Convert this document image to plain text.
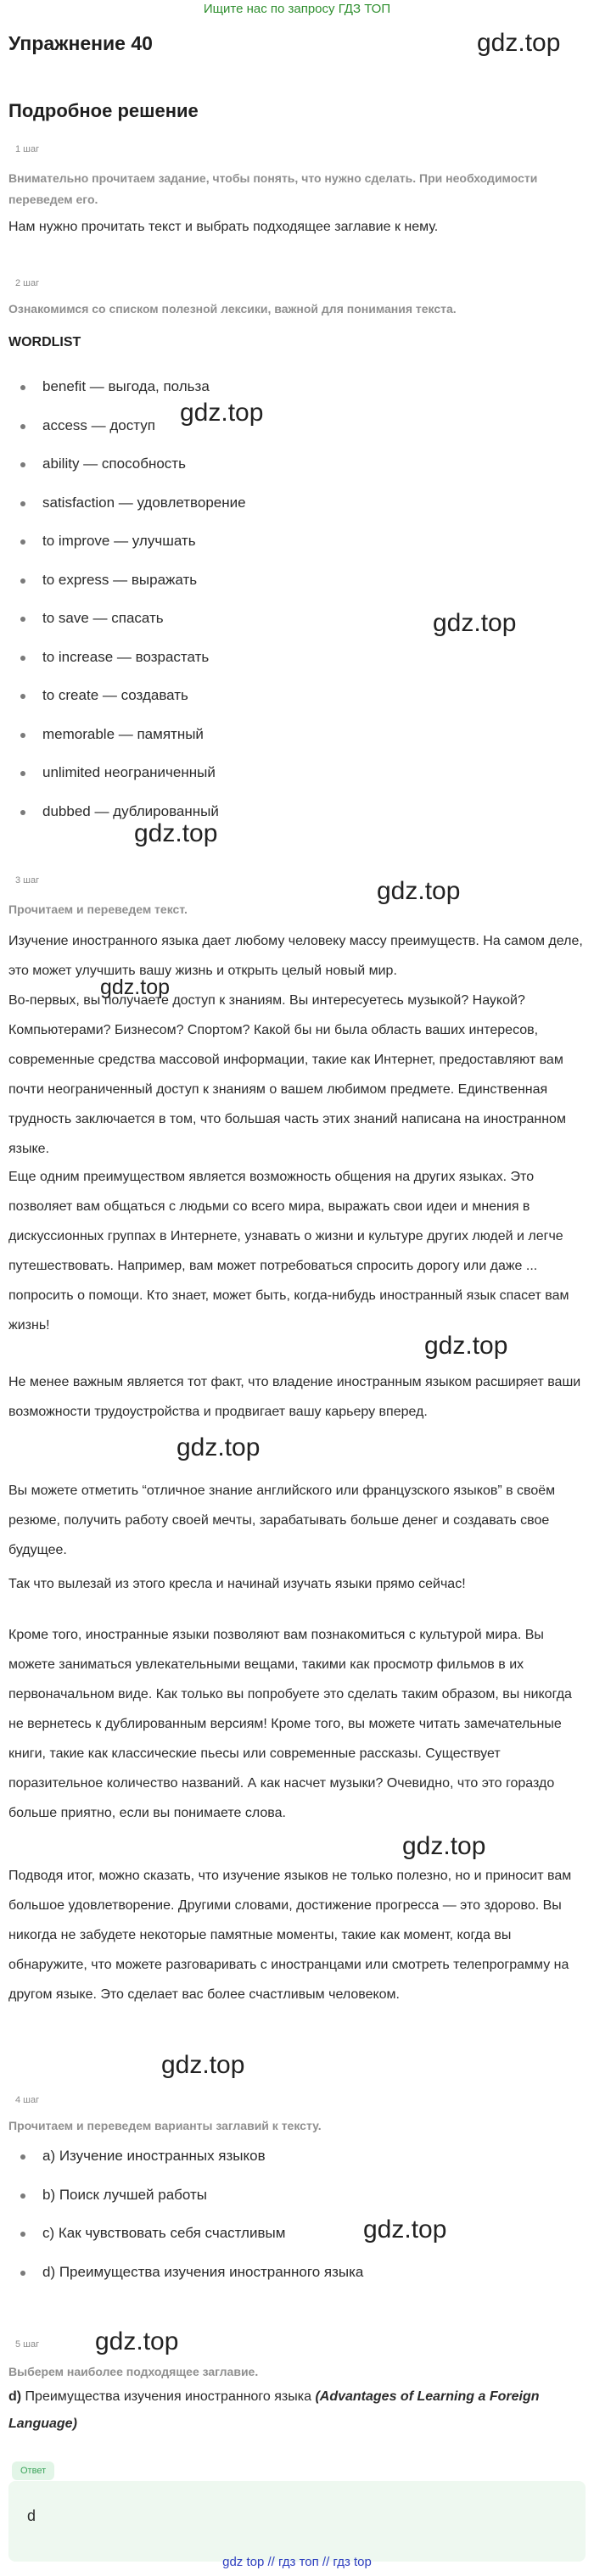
Ищите нас по запросу ГДЗ ТОП
Упражнение 40	gdz.top
Подробное решение
1 шаг
Внимательно прочитаем задание, чтобы понять, что нужно сделать. При необходимости переведем его.
Нам нужно прочитать текст и выбрать подходящее заглавие к нему.
2 шаг
Ознакомимся со списком полезной лексики, важной для понимания текста.
WORDLIST
benefit — выгода, польза
access — доступ
ability — способность
satisfaction — удовлетворение
to improve — улучшать
to express — выражать
to save — спасать
to increase — возрастать
to create — создавать
memorable — памятный
unlimited неограниченный
dubbed — дублированный
gdz.top
gdz.top
gdz.top
3 шаг	gdz.top
Прочитаем и переведем текст.
Изучение иностранного языка дает любому человеку массу преимуществ. На самом деле, это может улучшить вашу жизнь и открыть целый новый мир.
Во-первых, вы получаете доступ к знаниям. Вы интересуетесь музыкой? Наукой? Компьютерами? Бизнесом? Спортом? Какой бы ни была область ваших интересов, современные средства массовой информации, такие как Интернет, предоставляют вам почти неограниченный доступ к знаниям о вашем любимом предмете. Единственная трудность заключается в том, что большая часть этих знаний написана на иностранном языке.
gdz.top
Еще одним преимуществом является возможность общения на других языках. Это позволяет вам общаться с людьми со всего мира, выражать свои идеи и мнения в дискуссионных группах в Интернете, узнавать о жизни и культуре других людей и легче путешествовать. Например, вам может потребоваться спросить дорогу или даже ... попросить о помощи. Кто знает, может быть, когда-нибудь иностранный язык спасет вам жизнь!
gdz.top
Не менее важным является тот факт, что владение иностранным языком расширяет ваши возможности трудоустройства и продвигает вашу карьеру вперед.
gdz.top
Вы можете отметить “отличное знание английского или французского языков” в своём резюме, получить работу своей мечты, зарабатывать больше денег и создавать свое будущее.
Так что вылезай из этого кресла и начинай изучать языки прямо сейчас!
Кроме того, иностранные языки позволяют вам познакомиться с культурой мира. Вы можете заниматься увлекательными вещами, такими как просмотр фильмов в их первоначальном виде. Как только вы попробуете это сделать таким образом, вы никогда не вернетесь к дублированным версиям! Кроме того, вы можете читать замечательные книги, такие как классические пьесы или современные рассказы. Существует поразительное количество названий. А как насчет музыки? Очевидно, что это гораздо больше приятно, если вы понимаете слова.
gdz.top
Подводя итог, можно сказать, что изучение языков не только полезно, но и приносит вам большое удовлетворение. Другими словами, достижение прогресса — это здорово. Вы никогда не забудете некоторые памятные моменты, такие как момент, когда вы обнаружите, что можете разговаривать с иностранцами или смотреть телепрограмму на другом языке. Это сделает вас более счастливым человеком.
gdz.top
4 шаг
Прочитаем и переведем варианты заглавий к тексту.
a) Изучение иностранных языков
b) Поиск лучшей работы
c) Как чувствовать себя счастливым
d) Преимущества изучения иностранного языка
gdz.top
5 шаг gdz.top
Выберем наиболее подходящее заглавие.
d) Преимущества изучения иностранного языка (Advantages of Learning a Foreign Language)
Ответ
d
gdz top // гдз топ // гдз top
